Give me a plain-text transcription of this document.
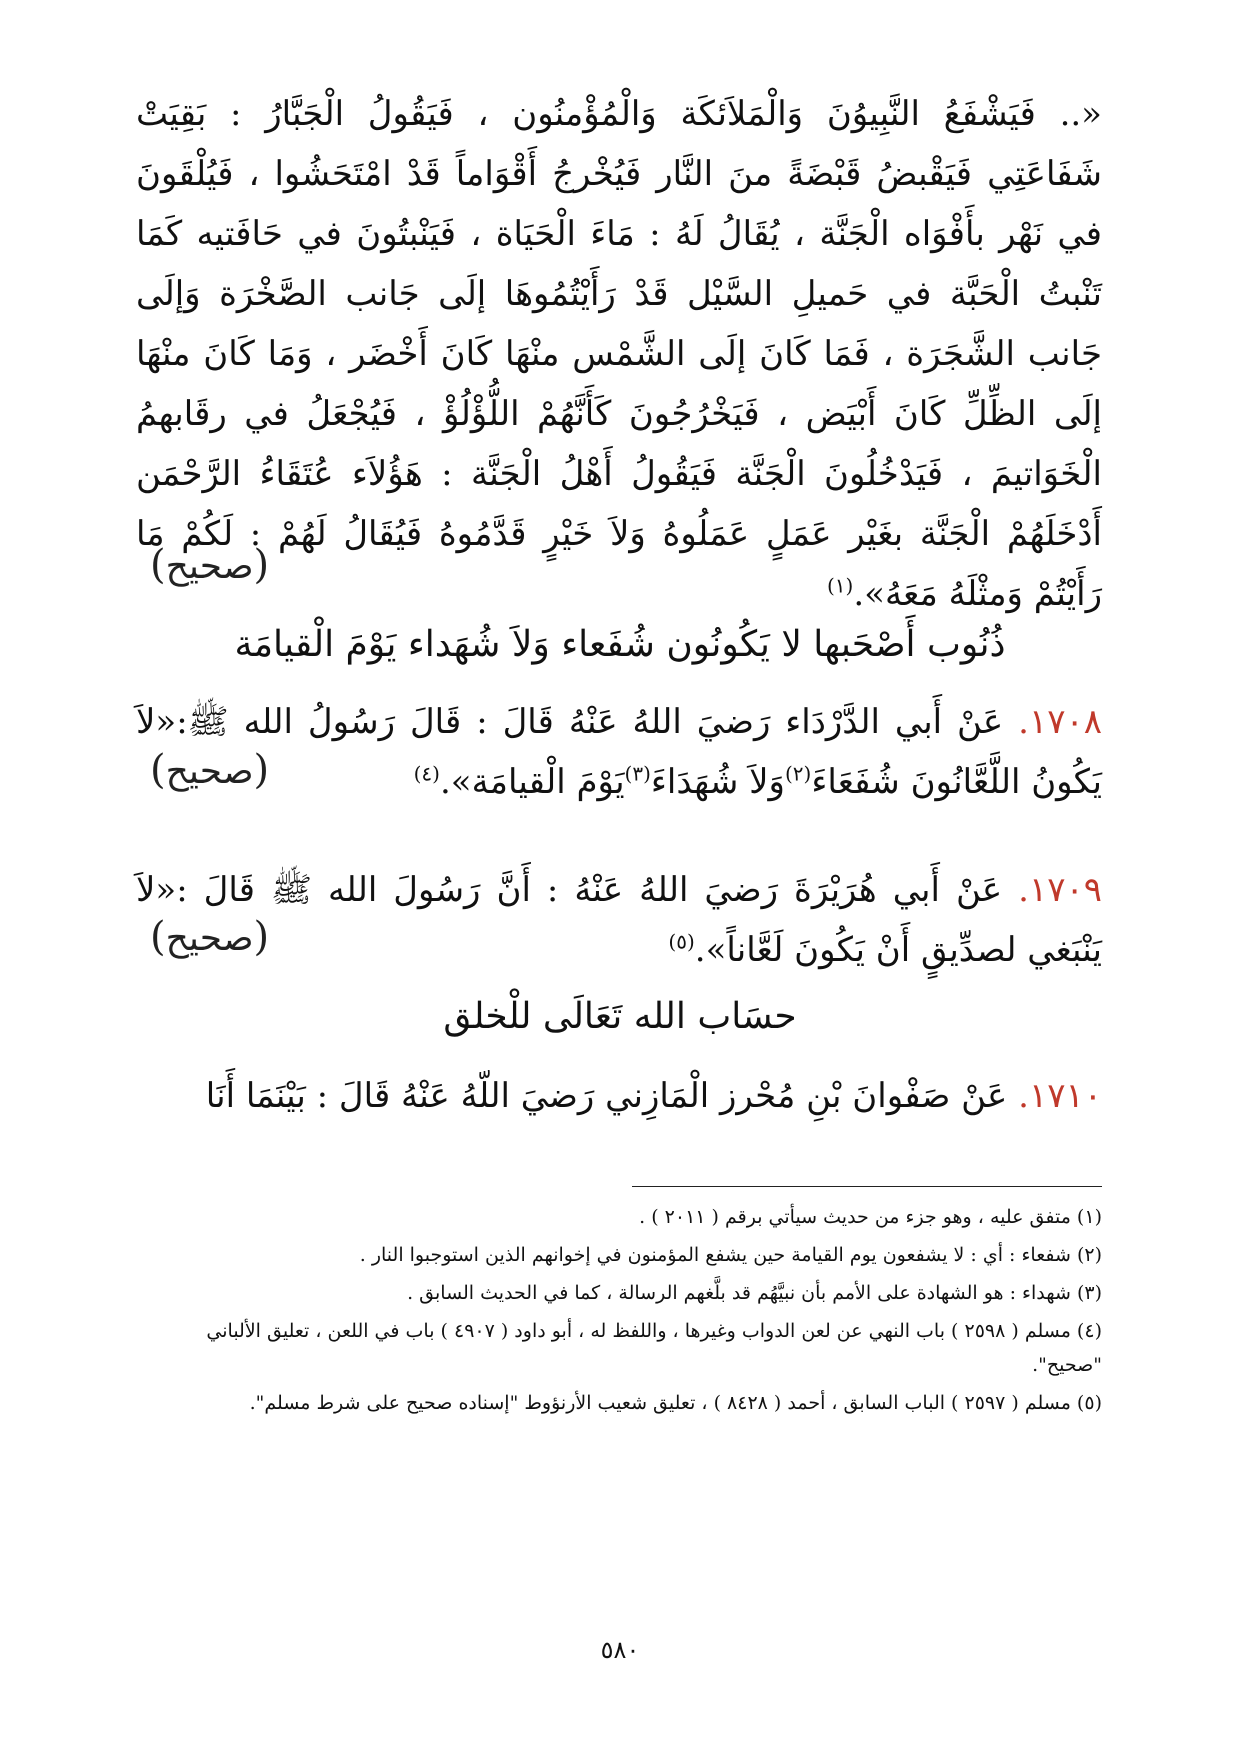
«.. فَيَشْفَعُ النَّبِيوُنَ وَالْمَلاَئكَة وَالْمُؤْمنُون ، فَيَقُولُ الْجَبَّارُ : بَقِيَتْ شَفَاعَتِي فَيَقْبضُ قَبْضَةً منَ النَّار فَيُخْرجُ أَقْوَاماً قَدْ امْتَحَشُوا ، فَيُلْقَونَ في نَهْر بأَفْوَاه الْجَنَّة ، يُقَالُ لَهُ : مَاءَ الْحَيَاة ، فَيَنْبتُونَ في حَافَتيه كَمَا تَنْبتُ الْحَبَّة في حَميلِ السَّيْل قَدْ رَأَيْتُمُوهَا إلَى جَانب الصَّخْرَة وَإلَى جَانب الشَّجَرَة ، فَمَا كَانَ إلَى الشَّمْس منْهَا كَانَ أَخْضَر ، وَمَا كَانَ منْهَا إلَى الظِّلِّ كَانَ أَبْيَض ، فَيَخْرُجُونَ كَأَنَّهُمْ اللُّؤْلُؤْ ، فَيُجْعَلُ في رقَابهمُ الْخَوَاتيمَ ، فَيَدْخُلُونَ الْجَنَّة فَيَقُولُ أَهْلُ الْجَنَّة : هَؤُلاَء عُتَقَاءُ الرَّحْمَن أَدْخَلَهُمْ الْجَنَّة بغَيْر عَمَلٍ عَمَلُوهُ وَلاَ خَيْرٍ قَدَّمُوهُ فَيُقَالُ لَهُمْ : لَكُمْ مَا رَأَيْتُمْ وَمثْلَهُ مَعَهُ».$^{(١)}$
(صحيح)
ذُنُوب أَصْحَبها لا يَكُونُون شُفَعاء وَلاَ شُهَداء يَوْمَ الْقيامَة
١٧٠٨. عَنْ أَبي الدَّرْدَاء رَضيَ اللهُ عَنْهُ قَالَ : قَالَ رَسُولُ الله ﷺ:«لاَ يَكُونُ اللَّعَّانُونَ شُفَعَاءَ$^{(٢)}$وَلاَ شُهَدَاءَ$^{(٣)}$يَوْمَ الْقيامَة».$^{(٤)}$
(صحيح)
١٧٠٩. عَنْ أَبي هُرَيْرَةَ رَضيَ اللهُ عَنْهُ : أَنَّ رَسُولَ الله ﷺ قَالَ :«لاَ يَنْبَغي لصدِّيقٍ أَنْ يَكُونَ لَعَّاناً».$^{(٥)}$
(صحيح)
حسَاب الله تَعَالَى للْخلق
١٧١٠. عَنْ صَفْوانَ بْنِ مُحْرز الْمَازِني رَضيَ اللّهُ عَنْهُ قَالَ : بَيْنَمَا أَنَا
(١) متفق عليه ، وهو جزء من حديث سيأتي برقم ( ٢٠١١ ) .
(٢) شفعاء : أي : لا يشفعون يوم القيامة حين يشفع المؤمنون في إخوانهم الذين استوجبوا النار .
(٣) شهداء : هو الشهادة على الأمم بأن نبيَّهُم قد بلَّغهم الرسالة ، كما في الحديث السابق .
(٤) مسلم ( ٢٥٩٨ ) باب النهي عن لعن الدواب وغيرها ، واللفظ له ، أبو داود ( ٤٩٠٧ ) باب في اللعن ، تعليق الألباني "صحيح".
(٥) مسلم ( ٢٥٩٧ ) الباب السابق ، أحمد ( ٨٤٢٨ ) ، تعليق شعيب الأرنؤوط "إسناده صحيح على شرط مسلم".
٥٨٠
